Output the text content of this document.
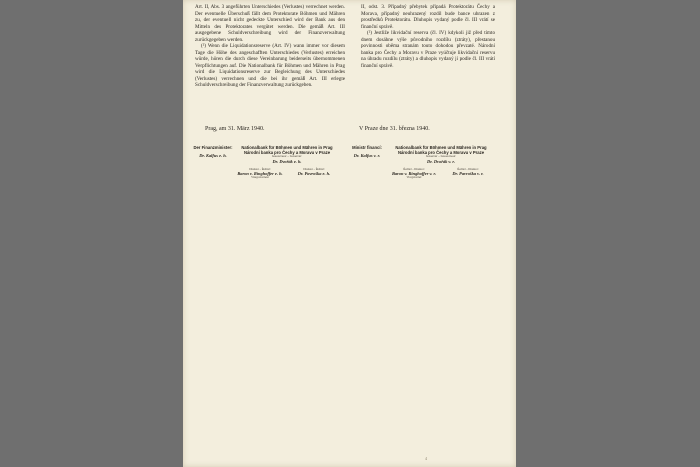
Art. II, Abs. 3 angeführten Unterschiedes (Verlustes) verrechnet werden. Der eventuelle Überschuß fällt dem Protektorate Böhmen und Mähren zu, der eventuell nicht gedeckte Unterschied wird der Bank aus den Mitteln des Protektorates vergütet werden. Die gemäß Art. III ausgegebene Schuldverschreibung wird der Finanzverwaltung zurückgegeben werden.

(²) Wenn die Liquidationsreserve (Art. IV) wann immer vor diesem Tage die Höhe des angeschafften Unterschiedes (Verlustes) erreichen würde, hören die durch diese Vereinbarung beiderseits übernommenen Verpflichtungen auf. Die Nationalbank für Böhmen und Mähren in Prag wird die Liquidationsreserve zur Begleichung des Unterschiedes (Verlustes) verrechnen und die bei ihr gemäß Art. III erlegte Schuldverschreibung der Finanzverwaltung zurückgeben.

II, odst. 3. Případný přebytek připadá Protektorátu Čechy a Morava, případný neuhrazený rozdíl bude bance uhrazen z prostředků Protektorátu. Dluhopis vydaný podle čl. III vrátí se finanční správě.

(²) Jestliže likvidační reserva (čl. IV) kdykoli již před tímto dnem dosáhne výše původního rozdílu (ztráty), přestanou povinnosti oběma stranám touto dohodou převzaté. Národní banka pro Čechy a Moravu v Praze vyúčtuje likvidační reservu na úhradu rozdílu (ztráty) a dluhopis vydaný jí podle čl. III vrátí finanční správě.

Prag, am 31. März 1940.	V Praze dne 31. března 1940.
Der Finanzminister:
Dr. Kalfus e. h.
Nationalbank für Böhmen und Mähren in Prag Národní banka pro Čechy a Moravu v Praze
Gouverneur – Guvernér:
Dr. Dvořák e. h.
Direktor – Ředitel:
Baron v. Ringhoffer e. h.
Vizegouverneur
Direktor – Ředitel:
Dr. Pavroška e. h.
Ministr financí:
Dr. Kalfus v. r.
Nationalbank für Böhmen und Mähren in Prag Národní banka pro Čechy a Moravu v Praze
Guvernér – Gouverneur:
Dr. Dvořák v. r.
Ředitel – Direktor:
Baron v. Ringhoffer v. r.
Viceguvernér
Ředitel – Direktor:
Dr. Pavroška v. r.
4
